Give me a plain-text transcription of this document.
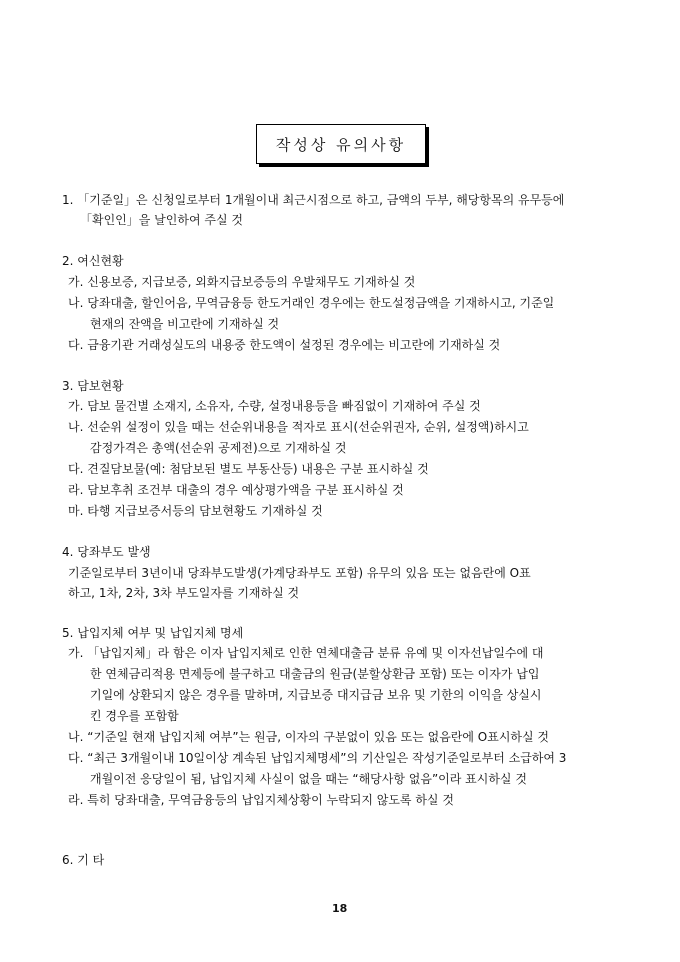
작성상 유의사항
1. 「기준일」은 신청일로부터 1개월이내 최근시점으로 하고, 금액의 두부, 해당항목의 유무등에
「확인인」을 날인하여 주실 것
2. 여신현황
가. 신용보증, 지급보증, 외화지급보증등의 우발채무도 기재하실 것
나. 당좌대출, 할인어음, 무역금융등 한도거래인 경우에는 한도설정금액을 기재하시고, 기준일
현재의 잔액을 비고란에 기재하실 것
다. 금융기관 거래성실도의 내용중 한도액이 설정된 경우에는 비고란에 기재하실 것
3. 담보현황
가. 담보 물건별 소재지, 소유자, 수량, 설정내용등을 빠짐없이 기재하여 주실 것
나. 선순위 설정이 있을 때는 선순위내용을 적자로 표시(선순위권자, 순위, 설정액)하시고
감정가격은 총액(선순위 공제전)으로 기재하실 것
다. 견질담보물(예: 첨담보된 별도 부동산등) 내용은 구분 표시하실 것
라. 담보후취 조건부 대출의 경우 예상평가액을 구분 표시하실 것
마. 타행 지급보증서등의 담보현황도 기재하실 것
4. 당좌부도 발생
기준일로부터 3년이내 당좌부도발생(가계당좌부도 포함) 유무의 있음 또는 없음란에 O표
하고, 1차, 2차, 3차 부도일자를 기재하실 것
5. 납입지체 여부 및 납입지체 명세
가. 「납입지체」라 함은 이자 납입지체로 인한 연체대출금 분류 유예 및 이자선납일수에 대
한 연체금리적용 면제등에 불구하고 대출금의 원금(분할상환금 포함) 또는 이자가 납입
기일에 상환되지 않은 경우를 말하며, 지급보증 대지급금 보유 및 기한의 이익을 상실시
킨 경우를 포함함
나. “기준일 현재 납입지체 여부”는 원금, 이자의 구분없이 있음 또는 없음란에 O표시하실 것
다. “최근 3개월이내 10일이상 계속된 납입지체명세”의 기산일은 작성기준일로부터 소급하여 3
개월이전 응당일이 됨, 납입지체 사실이 없을 때는 “해당사항 없음”이라 표시하실 것
라. 특히 당좌대출, 무역금융등의 납입지체상황이 누락되지 않도록 하실 것
6. 기 타
18
